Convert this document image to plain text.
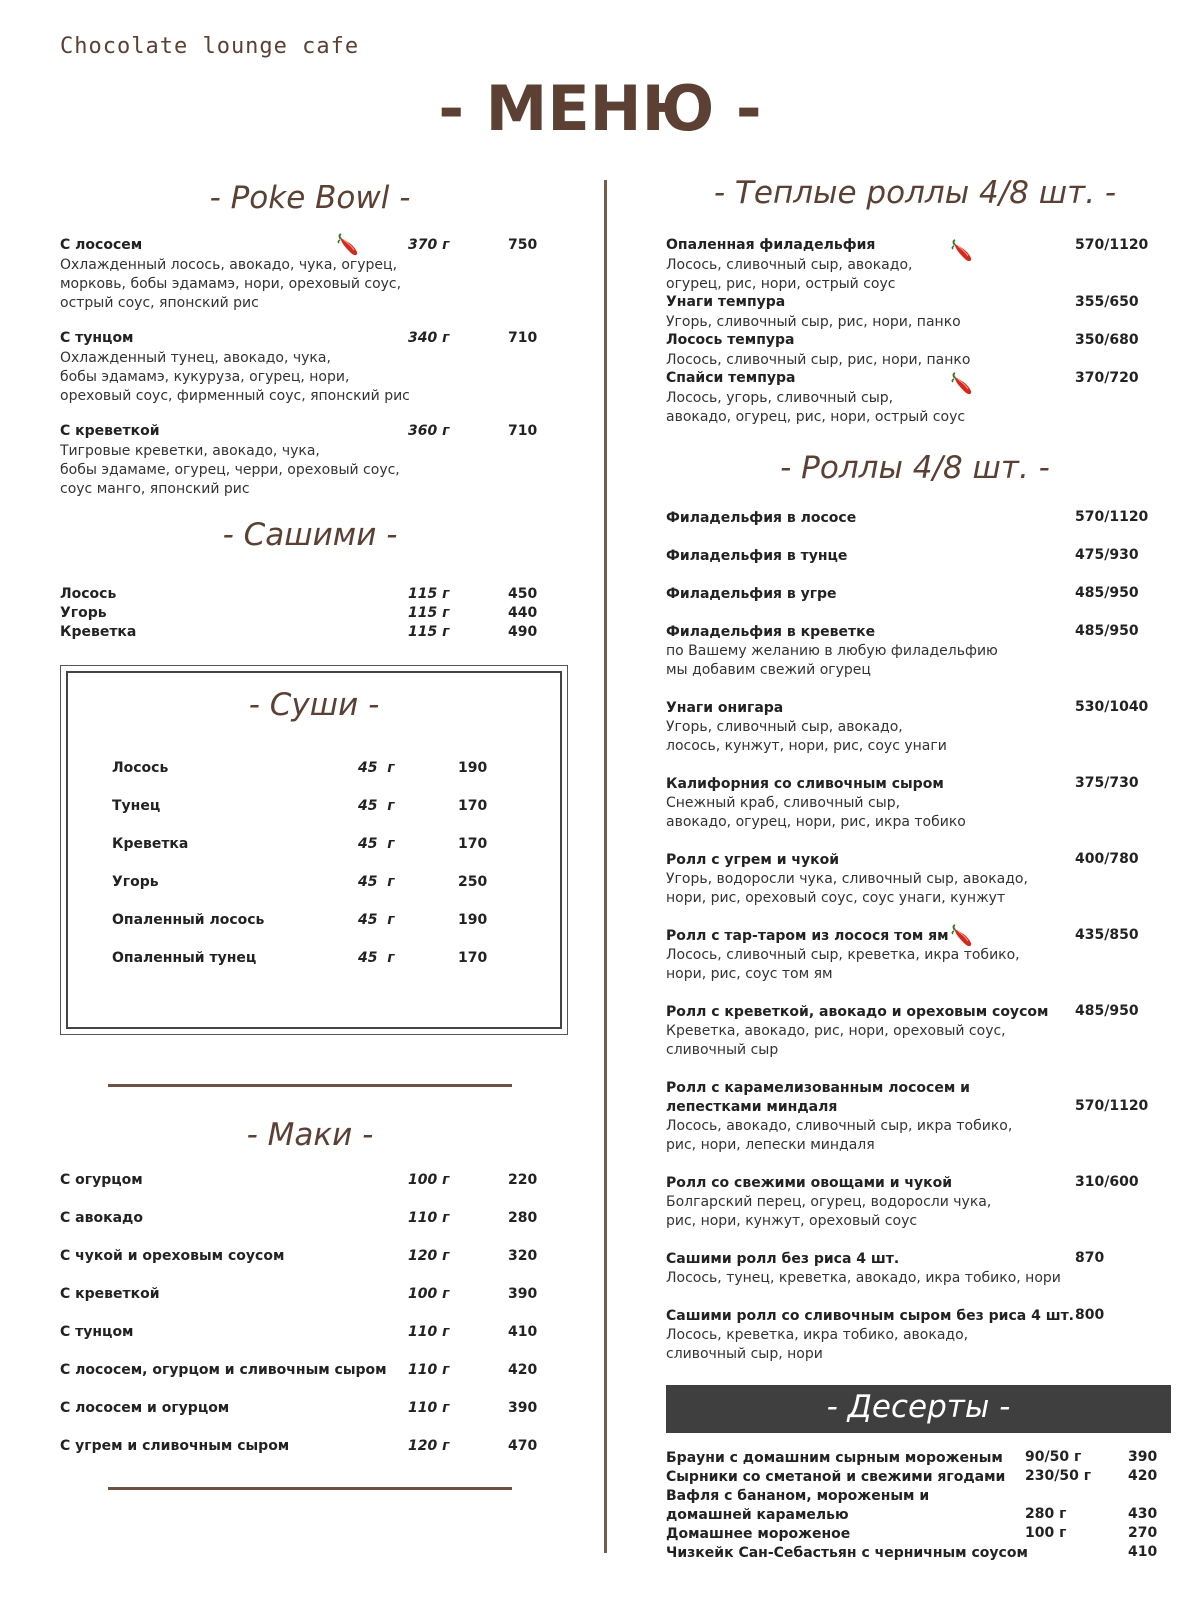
Chocolate lounge cafe
- МЕНЮ -
- Poke Bowl -
С лососем	370 г	750
Охлажденный лосось, авокадо, чука, огурец,
морковь, бобы эдамамэ, нори, ореховый соус,
острый соус, японский рис
С тунцом	340 г	710
Охлажденный тунец, авокадо, чука,
бобы эдамамэ, кукуруза, огурец, нори,
ореховый соус, фирменный соус, японский рис
С креветкой	360 г	710
Тигровые креветки, авокадо, чука,
бобы эдамаме, огурец, черри, ореховый соус,
соус манго, японский рис
- Сашими -
Лосось	115 г	450
Угорь	115 г	440
Креветка	115 г	490
- Суши -
Лосось	45  г	190
Тунец	45  г	170
Креветка	45  г	170
Угорь	45  г	250
Опаленный лосось	45  г	190
Опаленный тунец	45  г	170
- Маки -
С огурцом	100 г	220
С авокадо	110 г	280
С чукой и ореховым соусом	120 г	320
С креветкой	100 г	390
С тунцом	110 г	410
С лососем, огурцом и сливочным сыром 110 г	420
С лососем и огурцом	110 г	390
С угрем и сливочным сыром	120 г	470
- Теплые роллы 4/8 шт. -
Опаленная филадельфия	570/1120
Лосось, сливочный сыр, авокадо,
огурец, рис, нори, острый соус
Унаги темпура	355/650
Угорь, сливочный сыр, рис, нори, панко
Лосось темпура	350/680
Лосось, сливочный сыр, рис, нори, панко
Спайси темпура	370/720
Лосось, угорь, сливочный сыр,
авокадо, огурец, рис, нори, острый соус
- Роллы 4/8 шт. -
Филадельфия в лососе	570/1120
Филадельфия в тунце	475/930
Филадельфия в угре	485/950
Филадельфия в креветке	485/950
по Вашему желанию в любую филадельфию
мы добавим свежий огурец
Унаги онигара	530/1040
Угорь, сливочный сыр, авокадо,
лосось, кунжут, нори, рис, соус унаги
Калифорния со сливочным сыром	375/730
Снежный краб, сливочный сыр,
авокадо, огурец, нори, рис, икра тобико
Ролл с угрем и чукой	400/780
Угорь, водоросли чука, сливочный сыр, авокадо,
нори, рис, ореховый соус, соус унаги, кунжут
Ролл с тар-таром из лосося том ям	435/850
Лосось, сливочный сыр, креветка, икра тобико,
нори, рис, соус том ям
Ролл с креветкой, авокадо и ореховым соусом 485/950
Креветка, авокадо, рис, нори, ореховый соус,
сливочный сыр
Ролл с карамелизованным лососем и
лепестками миндаля	570/1120
Лосось, авокадо, сливочный сыр, икра тобико,
рис, нори, лепески миндаля
Ролл со свежими овощами и чукой	310/600
Болгарский перец, огурец, водоросли чука,
рис, нори, кунжут, ореховый соус
Сашими ролл без риса 4 шт.	870
Лосось, тунец, креветка, авокадо, икра тобико, нори
Сашими ролл со сливочным сыром без риса 4 шт. 800
Лосось, креветка, икра тобико, авокадо,
сливочный сыр, нори
- Десерты -
Брауни с домашним сырным мороженым 90/50 г	390
Сырники со сметаной и свежими ягодами 230/50 г	420
Вафля с бананом, мороженым и
домашней карамелью	280 г	430
Домашнее мороженое	100 г	270
Чизкейк Сан-Себастьян с черничным соусом	410
